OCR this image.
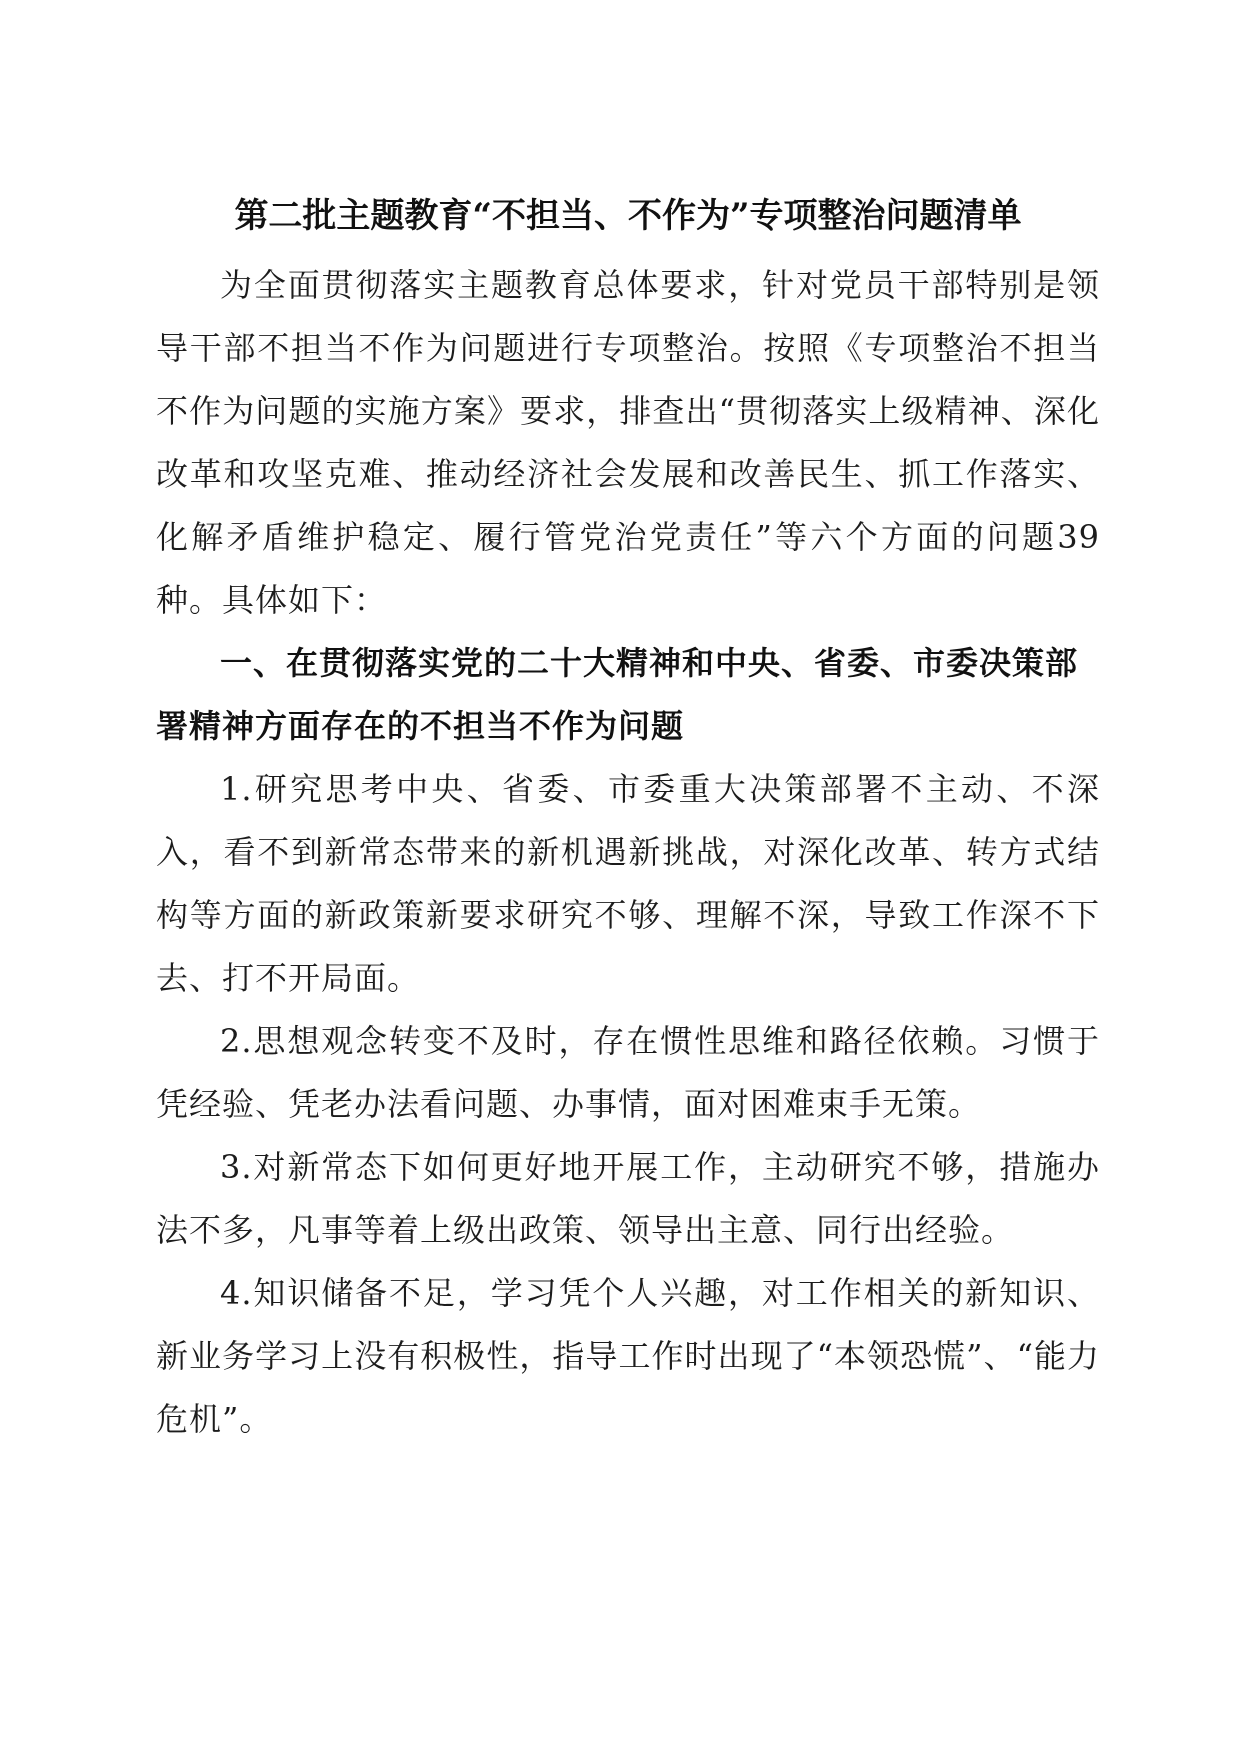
第二批主题教育“不担当、不作为”专项整治问题清单

为全面贯彻落实主题教育总体要求，针对党员干部特别是领导干部不担当不作为问题进行专项整治。按照《专项整治不担当不作为问题的实施方案》要求，排查出“贯彻落实上级精神、深化改革和攻坚克难、推动经济社会发展和改善民生、抓工作落实、化解矛盾维护稳定、履行管党治党责任”等六个方面的问题39种。具体如下：

一、在贯彻落实党的二十大精神和中央、省委、市委决策部署精神方面存在的不担当不作为问题

1.研究思考中央、省委、市委重大决策部署不主动、不深入，看不到新常态带来的新机遇新挑战，对深化改革、转方式结构等方面的新政策新要求研究不够、理解不深，导致工作深不下去、打不开局面。

2.思想观念转变不及时，存在惯性思维和路径依赖。习惯于凭经验、凭老办法看问题、办事情，面对困难束手无策。

3.对新常态下如何更好地开展工作，主动研究不够，措施办法不多，凡事等着上级出政策、领导出主意、同行出经验。

4.知识储备不足，学习凭个人兴趣，对工作相关的新知识、新业务学习上没有积极性，指导工作时出现了“本领恐慌”、“能力危机”。
